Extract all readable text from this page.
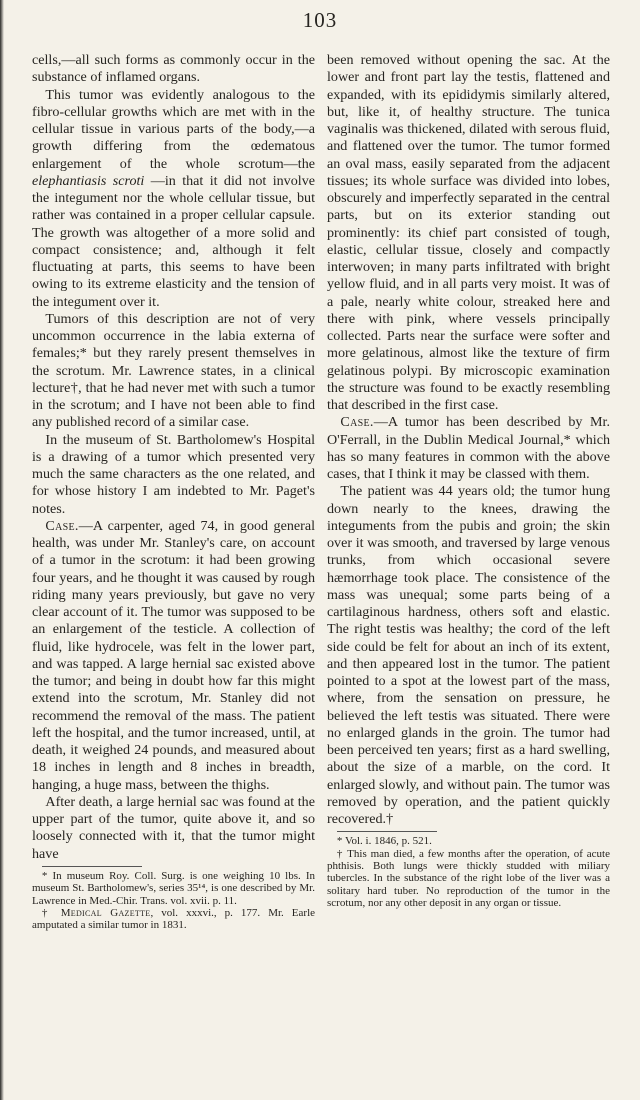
103

cells,—all such forms as commonly occur in the substance of inflamed organs.

This tumor was evidently analogous to the fibro-cellular growths which are met with in the cellular tissue in various parts of the body,—a growth differing from the œdematous enlargement of the whole scrotum—the elephantiasis scroti —in that it did not involve the integument nor the whole cellular tissue, but rather was contained in a proper cellular capsule. The growth was altogether of a more solid and compact consistence; and, although it felt fluctuating at parts, this seems to have been owing to its extreme elasticity and the tension of the integument over it.

Tumors of this description are not of very uncommon occurrence in the labia externa of females;* but they rarely present themselves in the scrotum. Mr. Lawrence states, in a clinical lecture†, that he had never met with such a tumor in the scrotum; and I have not been able to find any published record of a similar case.

In the museum of St. Bartholomew's Hospital is a drawing of a tumor which presented very much the same characters as the one related, and for whose history I am indebted to Mr. Paget's notes.

Case.—A carpenter, aged 74, in good general health, was under Mr. Stanley's care, on account of a tumor in the scrotum: it had been growing four years, and he thought it was caused by rough riding many years previously, but gave no very clear account of it. The tumor was supposed to be an enlargement of the testicle. A collection of fluid, like hydrocele, was felt in the lower part, and was tapped. A large hernial sac existed above the tumor; and being in doubt how far this might extend into the scrotum, Mr. Stanley did not recommend the removal of the mass. The patient left the hospital, and the tumor increased, until, at death, it weighed 24 pounds, and measured about 18 inches in length and 8 inches in breadth, hanging, a huge mass, between the thighs.

After death, a large hernial sac was found at the upper part of the tumor, quite above it, and so loosely connected with it, that the tumor might have

* In museum Roy. Coll. Surg. is one weighing 10 lbs. In museum St. Bartholomew's, series 35¹⁴, is one described by Mr. Lawrence in Med.-Chir. Trans. vol. xvii. p. 11.

† Medical Gazette, vol. xxxvi., p. 177. Mr. Earle amputated a similar tumor in 1831.

been removed without opening the sac. At the lower and front part lay the testis, flattened and expanded, with its epididymis similarly altered, but, like it, of healthy structure. The tunica vaginalis was thickened, dilated with serous fluid, and flattened over the tumor. The tumor formed an oval mass, easily separated from the adjacent tissues; its whole surface was divided into lobes, obscurely and imperfectly separated in the central parts, but on its exterior standing out prominently: its chief part consisted of tough, elastic, cellular tissue, closely and compactly interwoven; in many parts infiltrated with bright yellow fluid, and in all parts very moist. It was of a pale, nearly white colour, streaked here and there with pink, where vessels principally collected. Parts near the surface were softer and more gelatinous, almost like the texture of firm gelatinous polypi. By microscopic examination the structure was found to be exactly resembling that described in the first case.

Case.—A tumor has been described by Mr. O'Ferrall, in the Dublin Medical Journal,* which has so many features in common with the above cases, that I think it may be classed with them.

The patient was 44 years old; the tumor hung down nearly to the knees, drawing the integuments from the pubis and groin; the skin over it was smooth, and traversed by large venous trunks, from which occasional severe hæmorrhage took place. The consistence of the mass was unequal; some parts being of a cartilaginous hardness, others soft and elastic. The right testis was healthy; the cord of the left side could be felt for about an inch of its extent, and then appeared lost in the tumor. The patient pointed to a spot at the lowest part of the mass, where, from the sensation on pressure, he believed the left testis was situated. There were no enlarged glands in the groin. The tumor had been perceived ten years; first as a hard swelling, about the size of a marble, on the cord. It enlarged slowly, and without pain. The tumor was removed by operation, and the patient quickly recovered.†

* Vol. i. 1846, p. 521.

† This man died, a few months after the operation, of acute phthisis. Both lungs were thickly studded with miliary tubercles. In the substance of the right lobe of the liver was a solitary hard tuber. No reproduction of the tumor in the scrotum, nor any other deposit in any organ or tissue.
